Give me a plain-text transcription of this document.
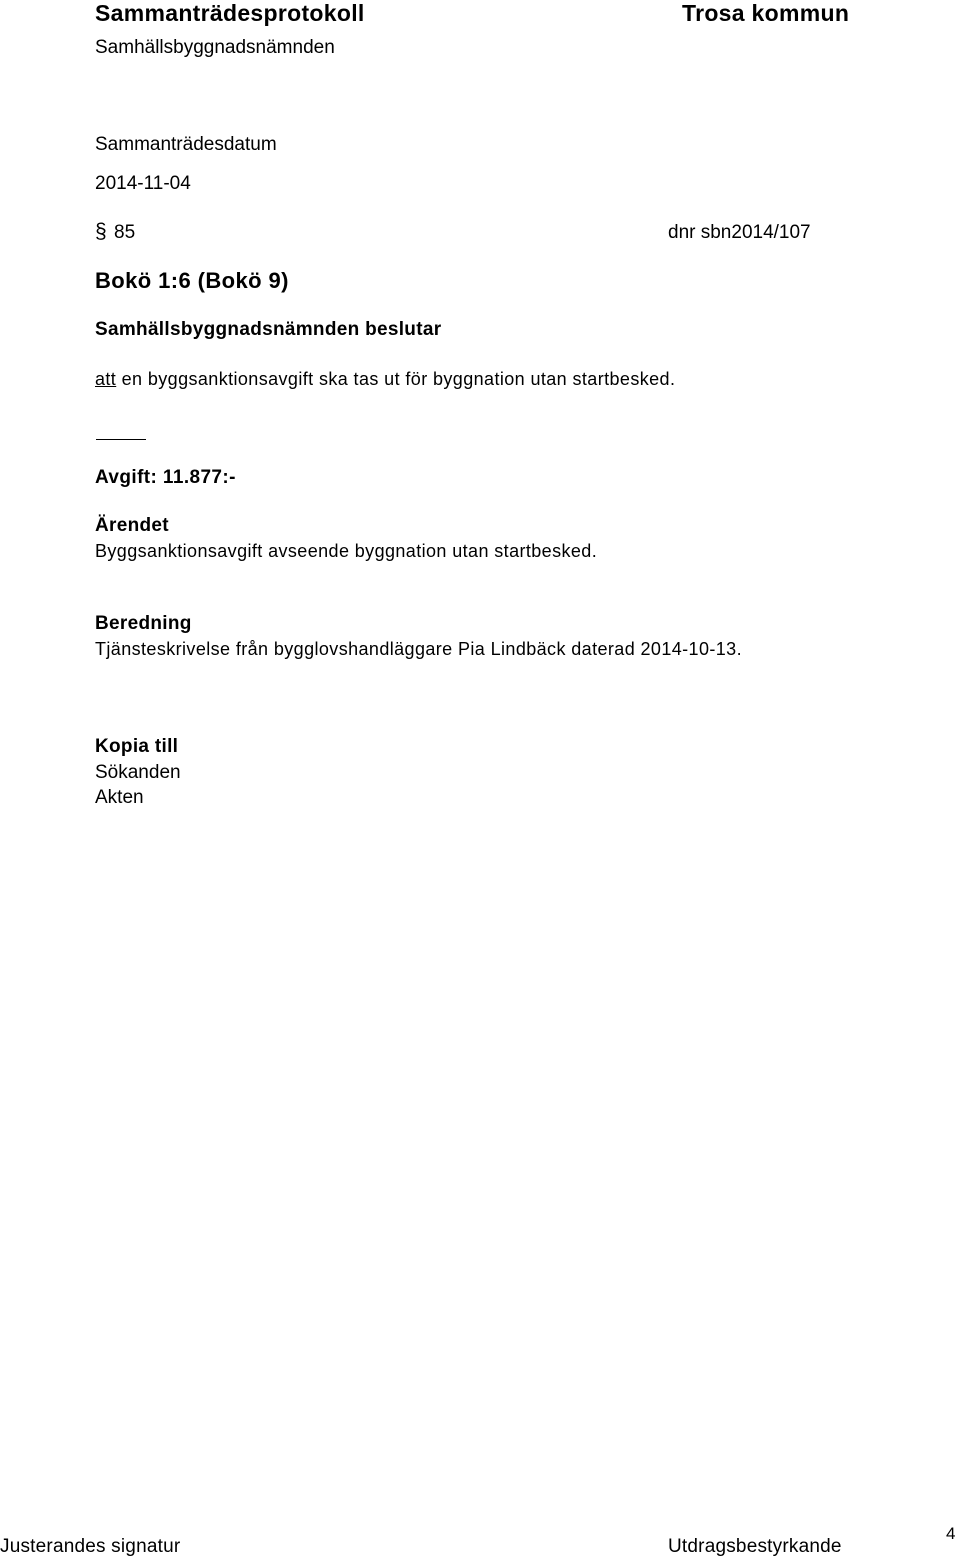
Sammanträdesprotokoll	Trosa kommun
Samhällsbyggnadsnämnden
Sammanträdesdatum
2014-11-04
§ 85	dnr sbn2014/107
Bokö 1:6 (Bokö 9)
Samhällsbyggnadsnämnden beslutar
att en byggsanktionsavgift ska tas ut för byggnation utan startbesked.
Avgift: 11.877:-
Ärendet
Byggsanktionsavgift avseende byggnation utan startbesked.
Beredning
Tjänsteskrivelse från bygglovshandläggare Pia Lindbäck daterad 2014-10-13.
Kopia till
Sökanden
Akten
Justerandes signatur	Utdragsbestyrkande
4
